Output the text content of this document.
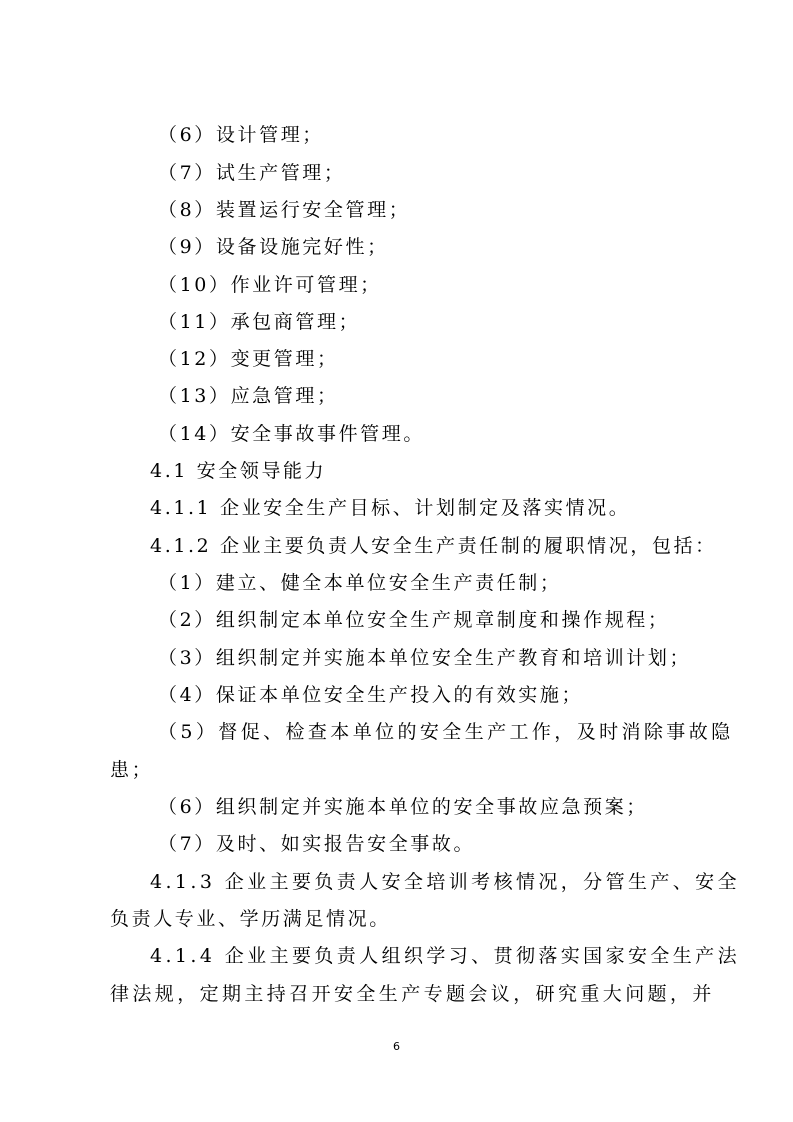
（6）设计管理；
（7）试生产管理；
（8）装置运行安全管理；
（9）设备设施完好性；
（10）作业许可管理；
（11）承包商管理；
（12）变更管理；
（13）应急管理；
（14）安全事故事件管理。
4.1 安全领导能力
4.1.1 企业安全生产目标、计划制定及落实情况。
4.1.2 企业主要负责人安全生产责任制的履职情况，包括：
（1）建立、健全本单位安全生产责任制；
（2）组织制定本单位安全生产规章制度和操作规程；
（3）组织制定并实施本单位安全生产教育和培训计划；
（4）保证本单位安全生产投入的有效实施；
（5）督促、检查本单位的安全生产工作，及时消除事故隐
患；
（6）组织制定并实施本单位的安全事故应急预案；
（7）及时、如实报告安全事故。
4.1.3 企业主要负责人安全培训考核情况，分管生产、安全
负责人专业、学历满足情况。
4.1.4 企业主要负责人组织学习、贯彻落实国家安全生产法
律法规，定期主持召开安全生产专题会议，研究重大问题，并
6
